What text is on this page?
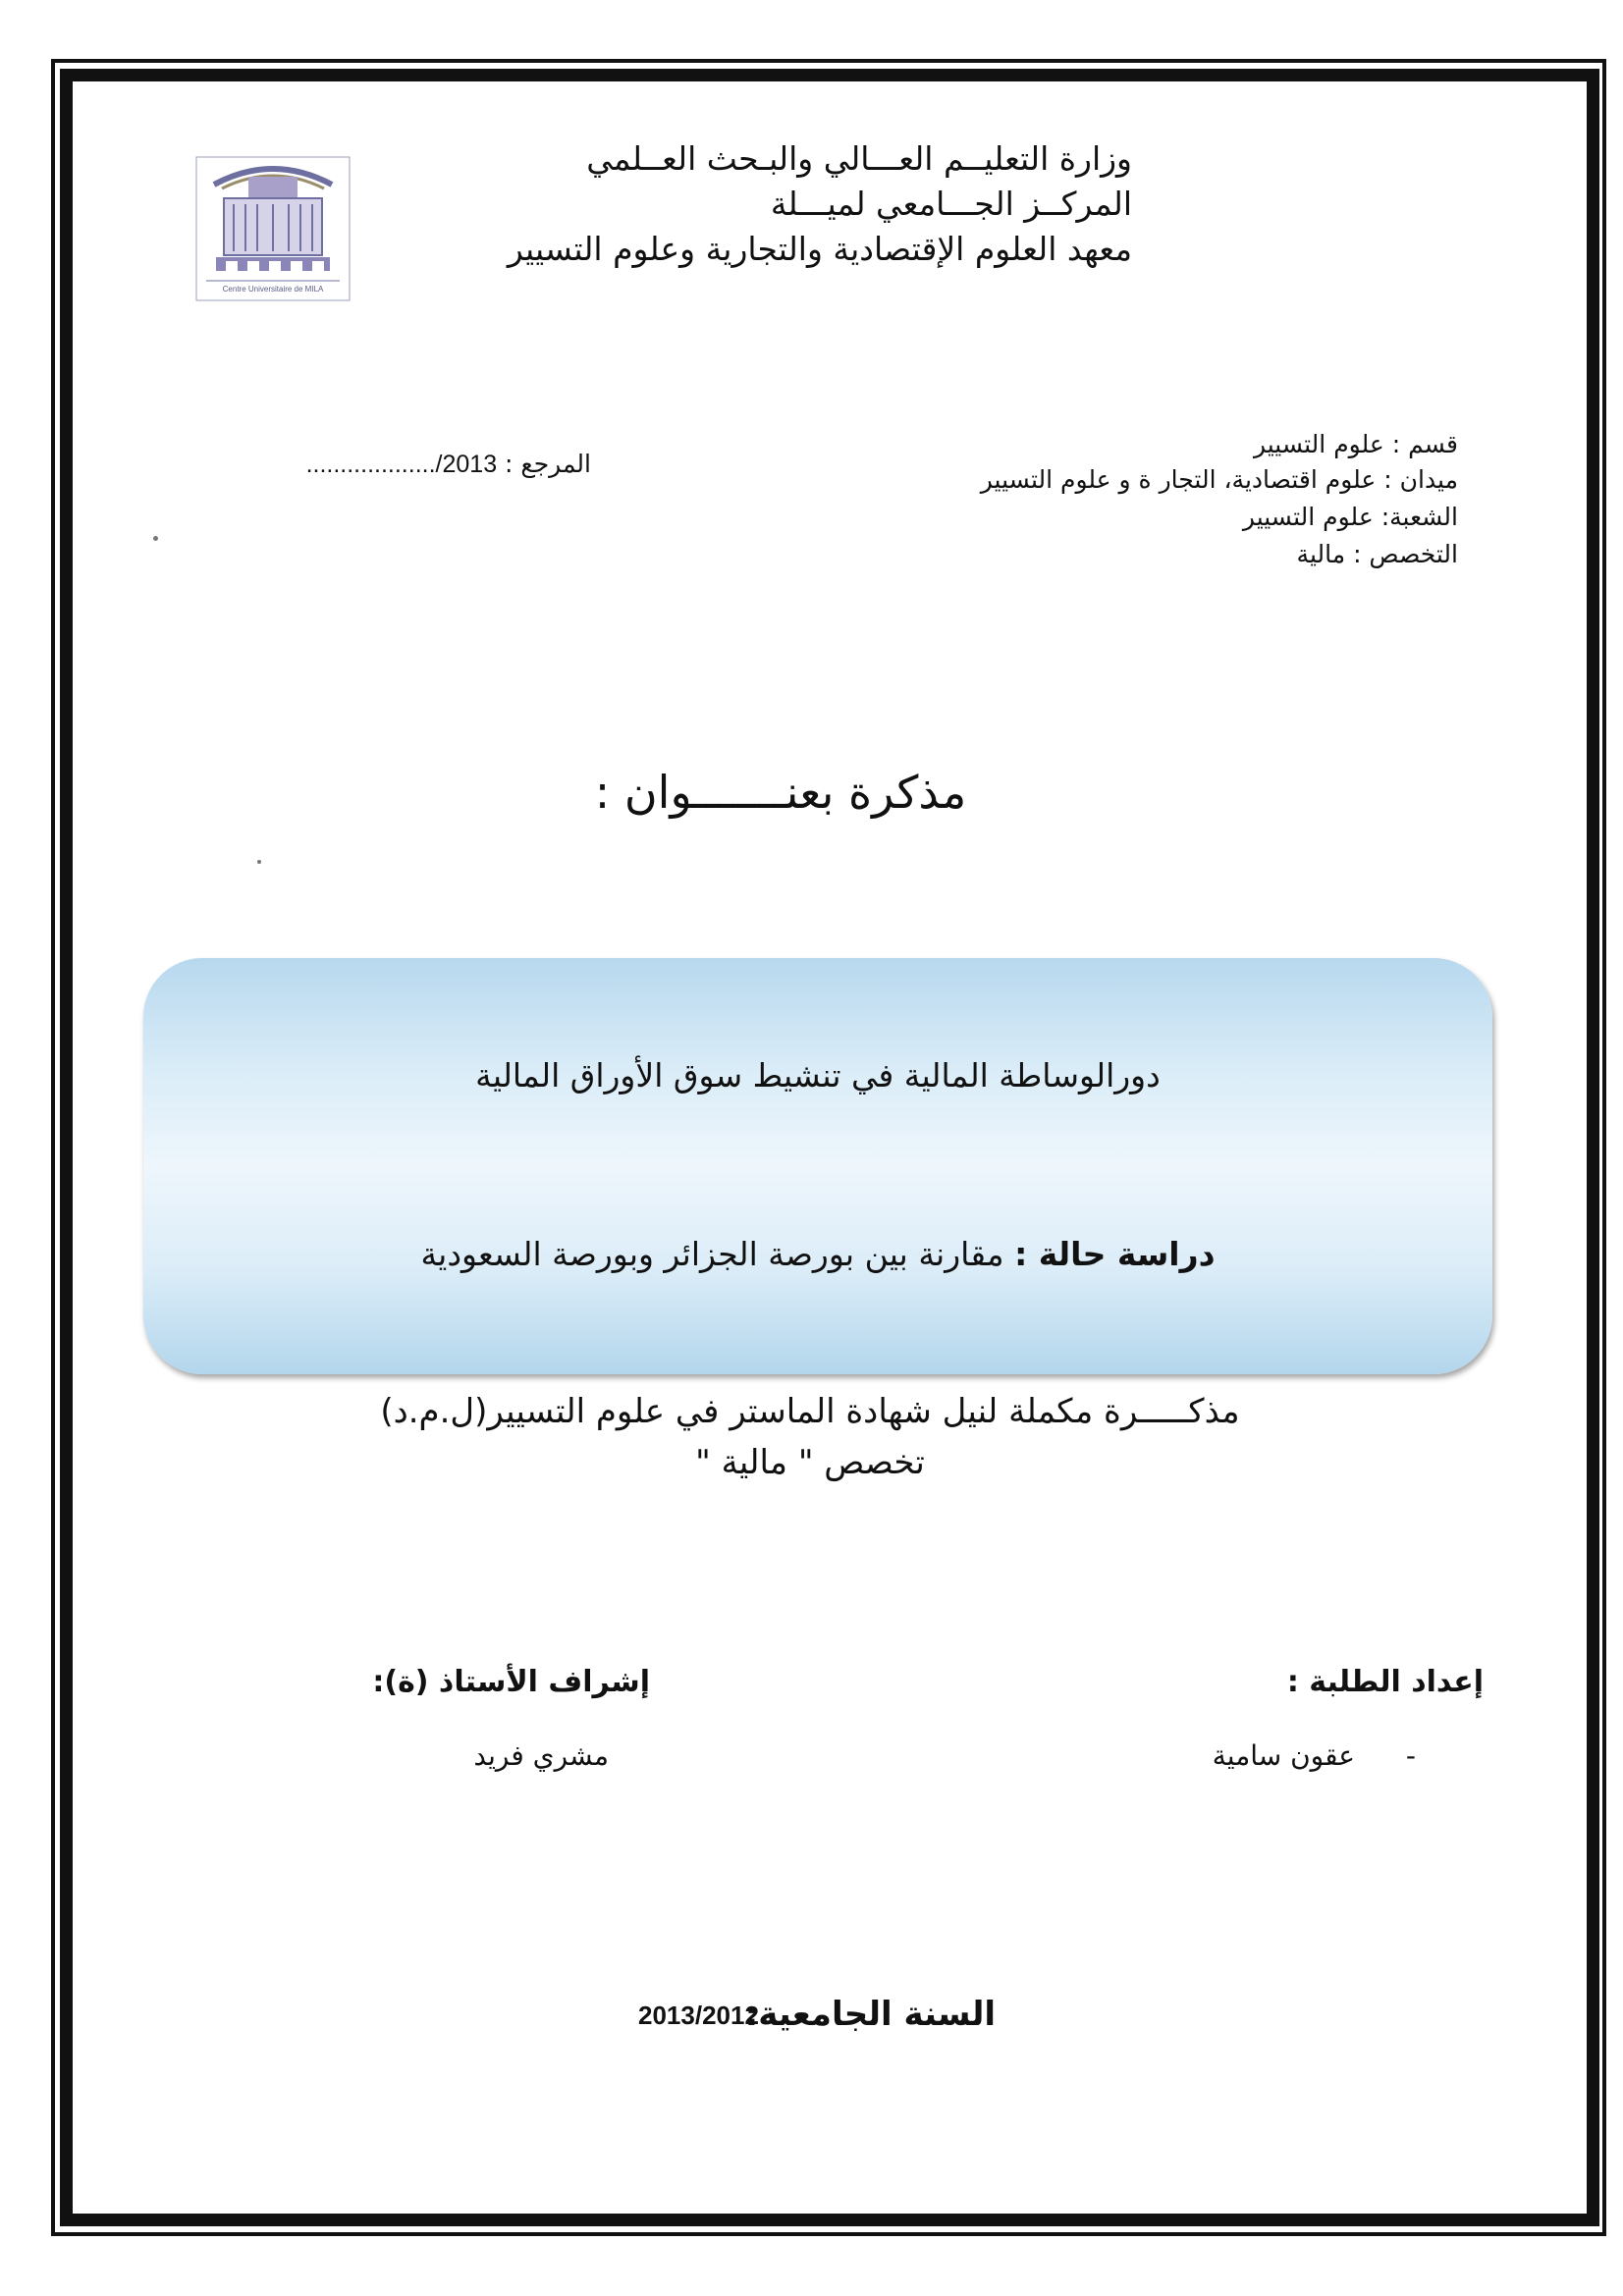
وزارة التعليــم العـــالي والبـحث العــلمي
المركــز الجـــامعي لميـــلة
معهد العلوم الإقتصادية والتجارية وعلوم التسيير
Centre Universitaire de MILA
قسم : علوم التسيير
ميدان : علوم اقتصادية، التجار ة و علوم التسيير
الشعبة: علوم التسيير
التخصص : مالية
المرجع : .................../2013
مذكرة بعنـــــــوان :
دورالوساطة المالية في تنشيط سوق الأوراق المالية
دراسة حالة : مقارنة بين بورصة الجزائر وبورصة السعودية
مذكـــــرة مكملة لنيل شهادة الماستر في علوم التسيير(ل.م.د)
تخصص " مالية "
إعداد الطلبة :
إشراف الأستاذ (ة):
-
عقون سامية
مشري فريد
السنة الجامعية:
2013/2012
